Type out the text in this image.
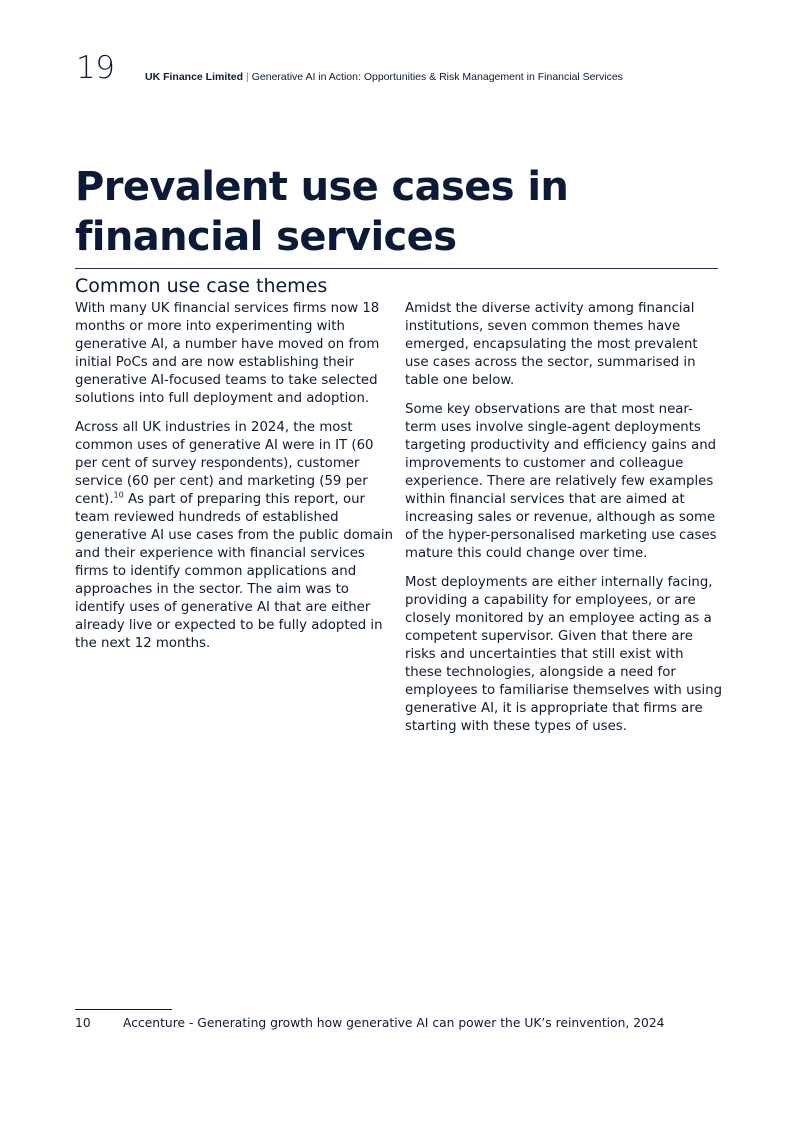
19	UK Finance Limited | Generative AI in Action: Opportunities & Risk Management in Financial Services
Prevalent use cases in financial services
Common use case themes

With many UK financial services firms now 18 months or more into experimenting with generative AI, a number have moved on from initial PoCs and are now establishing their generative AI-focused teams to take selected solutions into full deployment and adoption.

Across all UK industries in 2024, the most common uses of generative AI were in IT (60 per cent of survey respondents), customer service (60 per cent) and marketing (59 per cent).$^{10}$ As part of preparing this report, our team reviewed hundreds of established generative AI use cases from the public domain and their experience with financial services firms to identify common applications and approaches in the sector. The aim was to identify uses of generative AI that are either already live or expected to be fully adopted in the next 12 months.

Amidst the diverse activity among financial institutions, seven common themes have emerged, encapsulating the most prevalent use cases across the sector, summarised in table one below.

Some key observations are that most near-term uses involve single-agent deployments targeting productivity and efficiency gains and improvements to customer and colleague experience. There are relatively few examples within financial services that are aimed at increasing sales or revenue, although as some of the hyper-personalised marketing use cases mature this could change over time.

Most deployments are either internally facing, providing a capability for employees, or are closely monitored by an employee acting as a competent supervisor. Given that there are risks and uncertainties that still exist with these technologies, alongside a need for employees to familiarise themselves with using generative AI, it is appropriate that firms are starting with these types of uses.

10	Accenture - Generating growth how generative AI can power the UK’s reinvention, 2024
